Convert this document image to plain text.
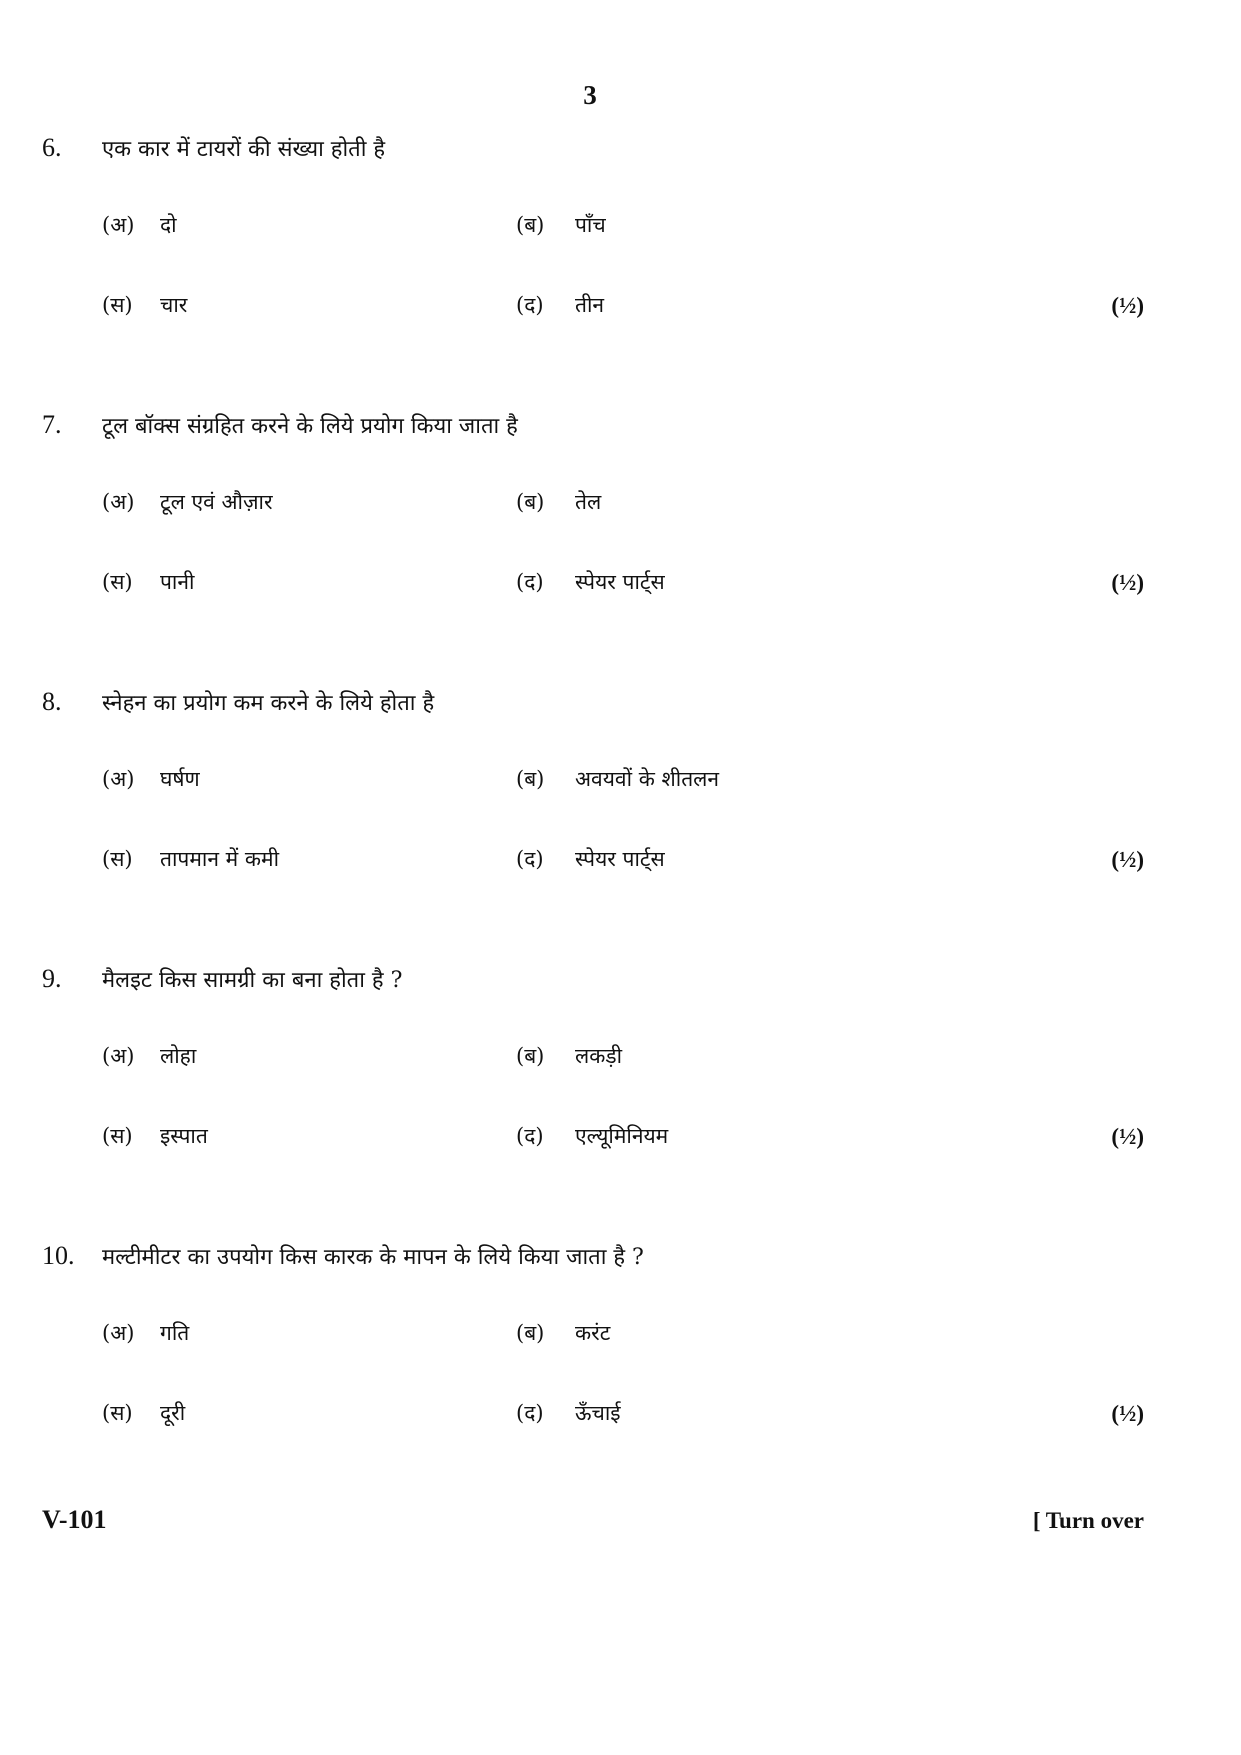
3
6. एक कार में टायरों की संख्या होती है
(अ) दो	(ब) पाँच
(स) चार	(द) तीन	(½)
7. टूल बॉक्स संग्रहित करने के लिये प्रयोग किया जाता है
(अ) टूल एवं औज़ार	(ब) तेल
(स) पानी	(द) स्पेयर पार्ट्स	(½)
8. स्नेहन का प्रयोग कम करने के लिये होता है
(अ) घर्षण	(ब) अवयवों के शीतलन
(स) तापमान में कमी	(द) स्पेयर पार्ट्स	(½)
9. मैलइट किस सामग्री का बना होता है ?
(अ) लोहा	(ब) लकड़ी
(स) इस्पात	(द) एल्यूमिनियम	(½)
10. मल्टीमीटर का उपयोग किस कारक के मापन के लिये किया जाता है ?
(अ) गति	(ब) करंट
(स) दूरी	(द) ऊँचाई	(½)
V-101	[ Turn over
